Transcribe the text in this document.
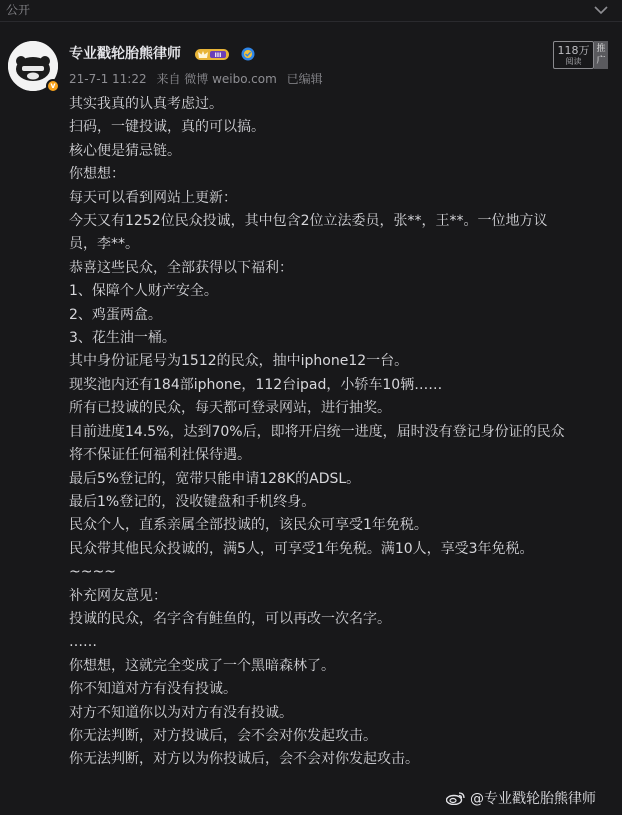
公开
v
专业戳轮胎熊律师	III
21-7-1 11:22 来自 微博 weibo.com 已编辑
118万
阅读
推广
其实我真的认真考虑过。
扫码，一键投诚，真的可以搞。
核心便是猜忌链。
你想想：
每天可以看到网站上更新：
今天又有1252位民众投诚，其中包含2位立法委员，张**，王**。一位地方议
员，李**。
恭喜这些民众，全部获得以下福利：
1、保障个人财产安全。
2、鸡蛋两盒。
3、花生油一桶。
其中身份证尾号为1512的民众，抽中iphone12一台。
现奖池内还有184部iphone，112台ipad，小轿车10辆……
所有已投诚的民众，每天都可登录网站，进行抽奖。
目前进度14.5%，达到70%后，即将开启统一进度，届时没有登记身份证的民众
将不保证任何福利社保待遇。
最后5%登记的，宽带只能申请128K的ADSL。
最后1%登记的，没收键盘和手机终身。
民众个人，直系亲属全部投诚的，该民众可享受1年免税。
民众带其他民众投诚的，满5人，可享受1年免税。满10人，享受3年免税。
~~~~
补充网友意见：
投诚的民众，名字含有鲑鱼的，可以再改一次名字。
……
你想想，这就完全变成了一个黑暗森林了。
你不知道对方有没有投诚。
对方不知道你以为对方有没有投诚。
你无法判断，对方投诚后，会不会对你发起攻击。
你无法判断，对方以为你投诚后，会不会对你发起攻击。
@专业戳轮胎熊律师
